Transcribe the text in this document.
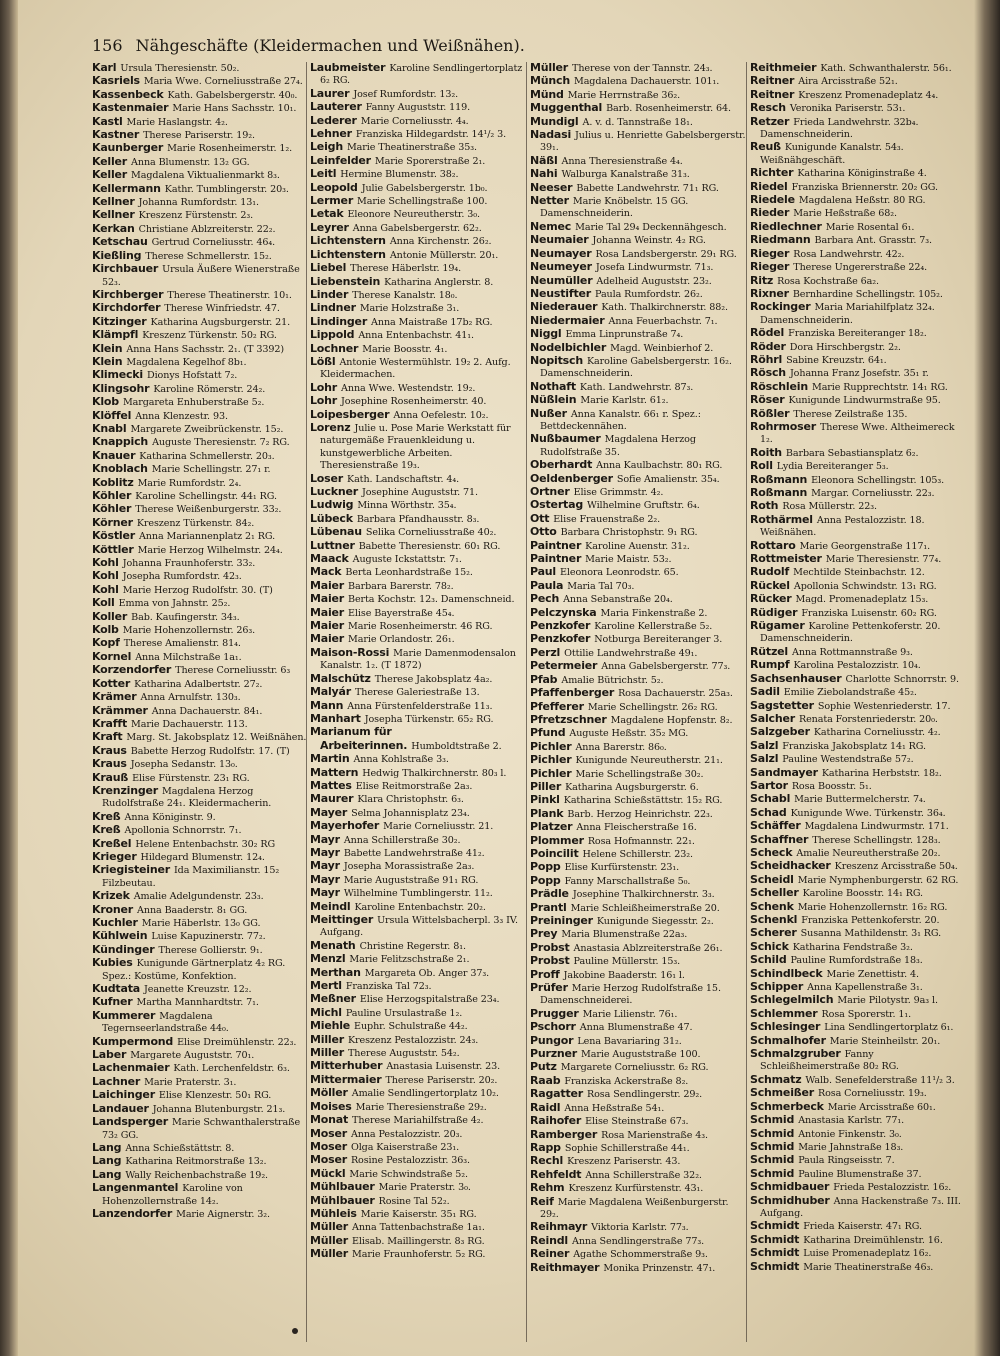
156 Nähgeschäfte (Kleidermachen und Weißnähen).
Karl Ursula Theresienstr. 50₂.
Kasriels Maria Wwe. Corneliusstraße 27₄.
Kassenbeck Kath. Gabelsbergerstr. 40₀.
Kastenmaier Marie Hans Sachsstr. 10₁.
Kastl Marie Haslangstr. 4₂.
Kastner Therese Pariserstr. 19₂.
Kaunberger Marie Rosenheimerstr. 1₂.
Keller Anna Blumenstr. 13₂ GG.
Keller Magdalena Viktualienmarkt 8₃.
Kellermann Kathr. Tumblingerstr. 20₃.
Kellner Johanna Rumfordstr. 13₁.
Kellner Kreszenz Fürstenstr. 2₃.
Kerkan Christiane Ablzreiterstr. 22₂.
Ketschau Gertrud Corneliusstr. 46₄.
Kießling Therese Schmellerstr. 15₂.
Kirchbauer Ursula Äußere Wienerstraße 52₃.
Kirchberger Therese Theatinerstr. 10₁.
Kirchdorfer Therese Winfriedstr. 47.
Kitzinger Katharina Augsburgerstr. 21.
Klämpfl Kreszenz Türkenstr. 50₂ RG.
Klein Anna Hans Sachsstr. 2₁. (T 3392)
Klein Magdalena Kegelhof 8b₁.
Klimecki Dionys Hofstatt 7₂.
Klingsohr Karoline Römerstr. 24₂.
Klob Margareta Enhuberstraße 5₂.
Klöffel Anna Klenzestr. 93.
Knabl Margarete Zweibrückenstr. 15₂.
Knappich Auguste Theresienstr. 7₂ RG.
Knauer Katharina Schmellerstr. 20₃.
Knoblach Marie Schellingstr. 27₁ r.
Koblitz Marie Rumfordstr. 2₄.
Köhler Karoline Schellingstr. 44₁ RG.
Köhler Therese Weißenburgerstr. 33₂.
Körner Kreszenz Türkenstr. 84₂.
Köstler Anna Mariannenplatz 2₁ RG.
Köttler Marie Herzog Wilhelmstr. 24₄.
Kohl Johanna Fraunhoferstr. 33₂.
Kohl Josepha Rumfordstr. 42₃.
Kohl Marie Herzog Rudolfstr. 30. (T)
Koll Emma von Jahnstr. 25₂.
Koller Bab. Kaufingerstr. 34₃.
Kolb Marie Hohenzollernstr. 26₃.
Kopf Therese Amalienstr. 81₄.
Kornel Anna Milchstraße 1a₁.
Korzendorfer Therese Corneliusstr. 6₃
Kotter Katharina Adalbertstr. 27₂.
Krämer Anna Arnulfstr. 130₃.
Krämmer Anna Dachauerstr. 84₁.
Krafft Marie Dachauerstr. 113.
Kraft Marg. St. Jakobsplatz 12. Weißnähen.
Kraus Babette Herzog Rudolfstr. 17. (T)
Kraus Josepha Sedanstr. 13₀.
Krauß Elise Fürstenstr. 23₁ RG.
Krenzinger Magdalena Herzog Rudolfstraße 24₁. Kleidermacherin.
Kreß Anna Königinstr. 9.
Kreß Apollonia Schnorrstr. 7₁.
Kreßel Helene Entenbachstr. 30₂ RG
Krieger Hildegard Blumenstr. 12₄.
Kriegisteiner Ida Maximilianstr. 15₂ Filzbeutau.
Krizek Amalie Adelgundenstr. 23₃.
Kroner Anna Baaderstr. 8₁ GG.
Kuchler Marie Häberlstr. 13₀ GG.
Kühlwein Luise Kapuzinerstr. 77₂.
Kündinger Therese Gollierstr. 9₁.
Kubies Kunigunde Gärtnerplatz 4₂ RG. Spez.: Kostüme, Konfektion.
Kudtata Jeanette Kreuzstr. 12₂.
Kufner Martha Mannhardtstr. 7₁.
Kummerer Magdalena Tegernseerlandstraße 44₀.
Kumpermond Elise Dreimühlenstr. 22₃.
Laber Margarete Auguststr. 70₁.
Lachenmaier Kath. Lerchenfeldstr. 6₃.
Lachner Marie Praterstr. 3₁.
Laichinger Elise Klenzestr. 50₁ RG.
Landauer Johanna Blutenburgstr. 21₃.
Landsperger Marie Schwanthalerstraße 73₂ GG.
Lang Anna Schießstättstr. 8.
Lang Katharina Reitmorstraße 13₂.
Lang Wally Reichenbachstraße 19₂.
Langenmantel Karoline von Hohenzollernstraße 14₂.
Lanzendorfer Marie Aignerstr. 3₂.
Laubmeister Karoline Sendlingertorplatz 6₂ RG.
Laurer Josef Rumfordstr. 13₂.
Lauterer Fanny Auguststr. 119.
Lederer Marie Corneliusstr. 4₄.
Lehner Franziska Hildegardstr. 14¹/₂ 3.
Leigh Marie Theatinerstraße 35₃.
Leinfelder Marie Sporerstraße 2₁.
Leitl Hermine Blumenstr. 38₂.
Leopold Julie Gabelsbergerstr. 1b₀.
Lermer Marie Schellingstraße 100.
Letak Eleonore Neureutherstr. 3₀.
Leyrer Anna Gabelsbergerstr. 62₂.
Lichtenstern Anna Kirchenstr. 26₂.
Lichtenstern Antonie Müllerstr. 20₁.
Liebel Therese Häberlstr. 19₄.
Liebenstein Katharina Anglerstr. 8.
Linder Therese Kanalstr. 18₀.
Lindner Marie Holzstraße 3₁.
Lindinger Anna Maistraße 17b₂ RG.
Lippold Anna Entenbachstr. 41₁.
Lochner Marie Boosstr. 4₁.
Lößl Antonie Westermühlstr. 19₂ 2. Aufg. Kleidermachen.
Lohr Anna Wwe. Westendstr. 19₂.
Lohr Josephine Rosenheimerstr. 40.
Loipesberger Anna Oefelestr. 10₂.
Lorenz Julie u. Pose Marie Werkstatt für naturgemäße Frauenkleidung u. kunstgewerbliche Arbeiten. Theresienstraße 19₃.
Loser Kath. Landschaftstr. 4₄.
Luckner Josephine Auguststr. 71.
Ludwig Minna Wörthstr. 35₄.
Lübeck Barbara Pfandhausstr. 8₃.
Lübenau Selika Corneliusstraße 40₂.
Luttner Babette Theresienstr. 60₁ RG.
Maack Auguste Ickstattstr. 7₁.
Mack Berta Leonhardstraße 15₂.
Maier Barbara Barerstr. 78₂.
Maier Berta Kochstr. 12₃. Damenschneid.
Maier Elise Bayerstraße 45₄.
Maier Marie Rosenheimerstr. 46 RG.
Maier Marie Orlandostr. 26₁.
Maison-Rossi Marie Damenmodensalon Kanalstr. 1₂. (T 1872)
Malschütz Therese Jakobsplatz 4a₂.
Malyár Therese Galeriestraße 13.
Mann Anna Fürstenfelderstraße 11₃.
Manhart Josepha Türkenstr. 65₂ RG.
Marianum für Arbeiterinnen. Humboldtstraße 2.
Martin Anna Kohlstraße 3₃.
Mattern Hedwig Thalkirchnerstr. 80₃ l.
Mattes Elise Reitmorstraße 2a₃.
Maurer Klara Christophstr. 6₃.
Mayer Selma Johannisplatz 23₄.
Mayerhofer Marie Corneliusstr. 21.
Mayr Anna Schillerstraße 30₂.
Mayr Babette Landwehrstraße 41₂.
Mayr Josepha Morassistraße 2a₃.
Mayr Marie Auguststraße 91₁ RG.
Mayr Wilhelmine Tumblingerstr. 11₂.
Meindl Karoline Entenbachstr. 20₂.
Meittinger Ursula Wittelsbacherpl. 3₃ IV. Aufgang.
Menath Christine Regerstr. 8₁.
Menzl Marie Felitzschstraße 2₁.
Merthan Margareta Ob. Anger 37₃.
Mertl Franziska Tal 72₃.
Meßner Elise Herzogspitalstraße 23₄.
Michl Pauline Ursulastraße 1₂.
Miehle Euphr. Schulstraße 44₂.
Miller Kreszenz Pestalozzistr. 24₃.
Miller Therese Auguststr. 54₂.
Mitterhuber Anastasia Luisenstr. 23.
Mittermaier Therese Pariserstr. 20₂.
Möller Amalie Sendlingertorplatz 10₂.
Moises Marie Theresienstraße 29₂.
Monat Therese Mariahilfstraße 4₂.
Moser Anna Pestalozzistr. 20₃.
Moser Olga Kaiserstraße 23₁.
Moser Rosine Pestalozzistr. 36₃.
Mückl Marie Schwindstraße 5₂.
Mühlbauer Marie Praterstr. 3₀.
Mühlbauer Rosine Tal 52₂.
Mühleis Marie Kaiserstr. 35₁ RG.
Müller Anna Tattenbachstraße 1a₁.
Müller Elisab. Maillingerstr. 8₃ RG.
Müller Marie Fraunhoferstr. 5₂ RG.
Müller Therese von der Tannstr. 24₃.
Münch Magdalena Dachauerstr. 101₁.
Münd Marie Herrnstraße 36₂.
Muggenthal Barb. Rosenheimerstr. 64.
Mundigl A. v. d. Tannstraße 18₁.
Nadasi Julius u. Henriette Gabelsbergerstr. 39₁.
Näßl Anna Theresienstraße 4₄.
Nahi Walburga Kanalstraße 31₃.
Neeser Babette Landwehrstr. 71₁ RG.
Netter Marie Knöbelstr. 15 GG. Damenschneiderin.
Nemec Marie Tal 29₄ Deckennähgesch.
Neumaier Johanna Weinstr. 4₂ RG.
Neumayer Rosa Landsbergerstr. 29₁ RG.
Neumeyer Josefa Lindwurmstr. 71₃.
Neumüller Adelheid Auguststr. 23₂.
Neustifter Paula Rumfordstr. 26₂.
Niederauer Kath. Thalkirchnerstr. 88₂.
Niedermaier Anna Feuerbachstr. 7₁.
Niggl Emma Linprunstraße 7₄.
Nodelbichler Magd. Weinbierhof 2.
Nopitsch Karoline Gabelsbergerstr. 16₂. Damenschneiderin.
Nothaft Kath. Landwehrstr. 87₃.
Nüßlein Marie Karlstr. 61₂.
Nußer Anna Kanalstr. 66₁ r. Spez.: Bettdeckennähen.
Nußbaumer Magdalena Herzog Rudolfstraße 35.
Oberhardt Anna Kaulbachstr. 80₁ RG.
Oeldenberger Sofie Amalienstr. 35₄.
Ortner Elise Grimmstr. 4₂.
Ostertag Wilhelmine Gruftstr. 6₄.
Ott Elise Frauenstraße 2₂.
Otto Barbara Christophstr. 9₁ RG.
Paintner Karoline Auenstr. 31₂.
Paintner Marie Maistr. 53₂.
Paul Eleonora Leonrodstr. 65.
Paula Maria Tal 70₃.
Pech Anna Sebanstraße 20₄.
Pelczynska Maria Finkenstraße 2.
Penzkofer Karoline Kellerstraße 5₂.
Penzkofer Notburga Bereiteranger 3.
Perzl Ottilie Landwehrstraße 49₁.
Petermeier Anna Gabelsbergerstr. 77₃.
Pfab Amalie Bütrichstr. 5₂.
Pfaffenberger Rosa Dachauerstr. 25a₃.
Pfefferer Marie Schellingstr. 26₂ RG.
Pfretzschner Magdalene Hopfenstr. 8₂.
Pfund Auguste Heßstr. 35₂ MG.
Pichler Anna Barerstr. 86₀.
Pichler Kunigunde Neureutherstr. 21₁.
Pichler Marie Schellingstraße 30₂.
Piller Katharina Augsburgerstr. 6.
Pinkl Katharina Schießstättstr. 15₂ RG.
Plank Barb. Herzog Heinrichstr. 22₃.
Platzer Anna Fleischerstraße 16.
Plommer Rosa Hofmannstr. 22₁.
Poincilit Helene Schillerstr. 23₂.
Popp Elise Kurfürstenstr. 23₁.
Popp Fanny Marschallstraße 5₀.
Prädle Josephine Thalkirchnerstr. 3₃.
Prantl Marie Schleißheimerstraße 20.
Preininger Kunigunde Siegesstr. 2₂.
Prey Maria Blumenstraße 22a₃.
Probst Anastasia Ablzreiterstraße 26₁.
Probst Pauline Müllerstr. 15₃.
Proff Jakobine Baaderstr. 16₁ l.
Prüfer Marie Herzog Rudolfstraße 15. Damenschneiderei.
Prugger Marie Lilienstr. 76₁.
Pschorr Anna Blumenstraße 47.
Pungor Lena Bavariaring 31₂.
Purzner Marie Auguststraße 100.
Putz Margarete Corneliusstr. 6₂ RG.
Raab Franziska Ackerstraße 8₂.
Ragatter Rosa Sendlingerstr. 29₂.
Raidl Anna Heßstraße 54₁.
Raihofer Elise Steinstraße 67₃.
Ramberger Rosa Marienstraße 4₃.
Rapp Sophie Schillerstraße 44₁.
Rechl Kreszenz Pariserstr. 43.
Rehfeldt Anna Schillerstraße 32₂.
Rehm Kreszenz Kurfürstenstr. 43₁.
Reif Marie Magdalena Weißenburgerstr. 29₂.
Reihmayr Viktoria Karlstr. 77₃.
Reindl Anna Sendlingerstraße 77₃.
Reiner Agathe Schommerstraße 9₃.
Reithmayer Monika Prinzenstr. 47₁.
Reithmeier Kath. Schwanthalerstr. 56₁.
Reitner Aira Arcisstraße 52₁.
Reitner Kreszenz Promenadeplatz 4₄.
Resch Veronika Pariserstr. 53₁.
Retzer Frieda Landwehrstr. 32b₄. Damenschneiderin.
Reuß Kunigunde Kanalstr. 54₃. Weißnähgeschäft.
Richter Katharina Königinstraße 4.
Riedel Franziska Briennerstr. 20₂ GG.
Riedele Magdalena Heßstr. 80 RG.
Rieder Marie Heßstraße 68₂.
Riedlechner Marie Rosental 6₁.
Riedmann Barbara Ant. Grasstr. 7₃.
Rieger Rosa Landwehrstr. 42₂.
Rieger Therese Ungererstraße 22₄.
Ritz Rosa Kochstraße 6a₂.
Rixner Bernhardine Schellingstr. 105₂.
Rockinger Maria Mariahilfplatz 32₄. Damenschneiderin.
Rödel Franziska Bereiteranger 18₂.
Röder Dora Hirschbergstr. 2₂.
Röhrl Sabine Kreuzstr. 64₁.
Rösch Johanna Franz Josefstr. 35₁ r.
Röschlein Marie Rupprechtstr. 14₁ RG.
Röser Kunigunde Lindwurmstraße 95.
Rößler Therese Zeilstraße 135.
Rohrmoser Therese Wwe. Altheimereck 1₂.
Roith Barbara Sebastiansplatz 6₂.
Roll Lydia Bereiteranger 5₃.
Roßmann Eleonora Schellingstr. 105₃.
Roßmann Margar. Corneliusstr. 22₃.
Roth Rosa Müllerstr. 22₃.
Rothärmel Anna Pestalozzistr. 18. Weißnähen.
Rottaro Marie Georgenstraße 117₁.
Rottmeister Marie Theresienstr. 77₄.
Rudolf Mechtilde Steinbachstr. 12.
Rückel Apollonia Schwindstr. 13₁ RG.
Rücker Magd. Promenadeplatz 15₃.
Rüdiger Franziska Luisenstr. 60₂ RG.
Rügamer Karoline Pettenkoferstr. 20. Damenschneiderin.
Rützel Anna Rottmannstraße 9₃.
Rumpf Karolina Pestalozzistr. 10₄.
Sachsenhauser Charlotte Schnorrstr. 9.
Sadil Emilie Ziebolandstraße 45₂.
Sagstetter Sophie Westenriederstr. 17.
Salcher Renata Forstenriederstr. 20₀.
Salzgeber Katharina Corneliusstr. 4₂.
Salzl Franziska Jakobsplatz 14₁ RG.
Salzl Pauline Westendstraße 57₂.
Sandmayer Katharina Herbststr. 18₂.
Sartor Rosa Boosstr. 5₁.
Schabl Marie Buttermelcherstr. 7₄.
Schad Kunigunde Wwe. Türkenstr. 36₄.
Schäffer Magdalena Lindwurmstr. 171.
Schaffner Therese Schellingstr. 128₃.
Scheck Amalie Neureutherstraße 20₂.
Scheidhacker Kreszenz Arcisstraße 50₄.
Scheidl Marie Nymphenburgerstr. 62 RG.
Scheller Karoline Boosstr. 14₁ RG.
Schenk Marie Hohenzollernstr. 16₂ RG.
Schenkl Franziska Pettenkoferstr. 20.
Scherer Susanna Mathildenstr. 3₁ RG.
Schick Katharina Fendstraße 3₂.
Schild Pauline Rumfordstraße 18₃.
Schindlbeck Marie Zenettistr. 4.
Schipper Anna Kapellenstraße 3₁.
Schlegelmilch Marie Pilotystr. 9a₃ l.
Schlemmer Rosa Sporerstr. 1₁.
Schlesinger Lina Sendlingertorplatz 6₁.
Schmalhofer Marie Steinheilstr. 20₁.
Schmalzgruber Fanny Schleißheimerstraße 80₂ RG.
Schmatz Walb. Senefelderstraße 11¹/₂ 3.
Schmeißer Rosa Corneliusstr. 19₃.
Schmerbeck Marie Arcisstraße 60₁.
Schmid Anastasia Karlstr. 77₁.
Schmid Antonie Finkenstr. 3₀.
Schmid Marie Jahnstraße 18₃.
Schmid Paula Ringseisstr. 7.
Schmid Pauline Blumenstraße 37.
Schmidbauer Frieda Pestalozzistr. 16₂.
Schmidhuber Anna Hackenstraße 7₃. III. Aufgang.
Schmidt Frieda Kaiserstr. 47₁ RG.
Schmidt Katharina Dreimühlenstr. 16.
Schmidt Luise Promenadeplatz 16₂.
Schmidt Marie Theatinerstraße 46₃.
